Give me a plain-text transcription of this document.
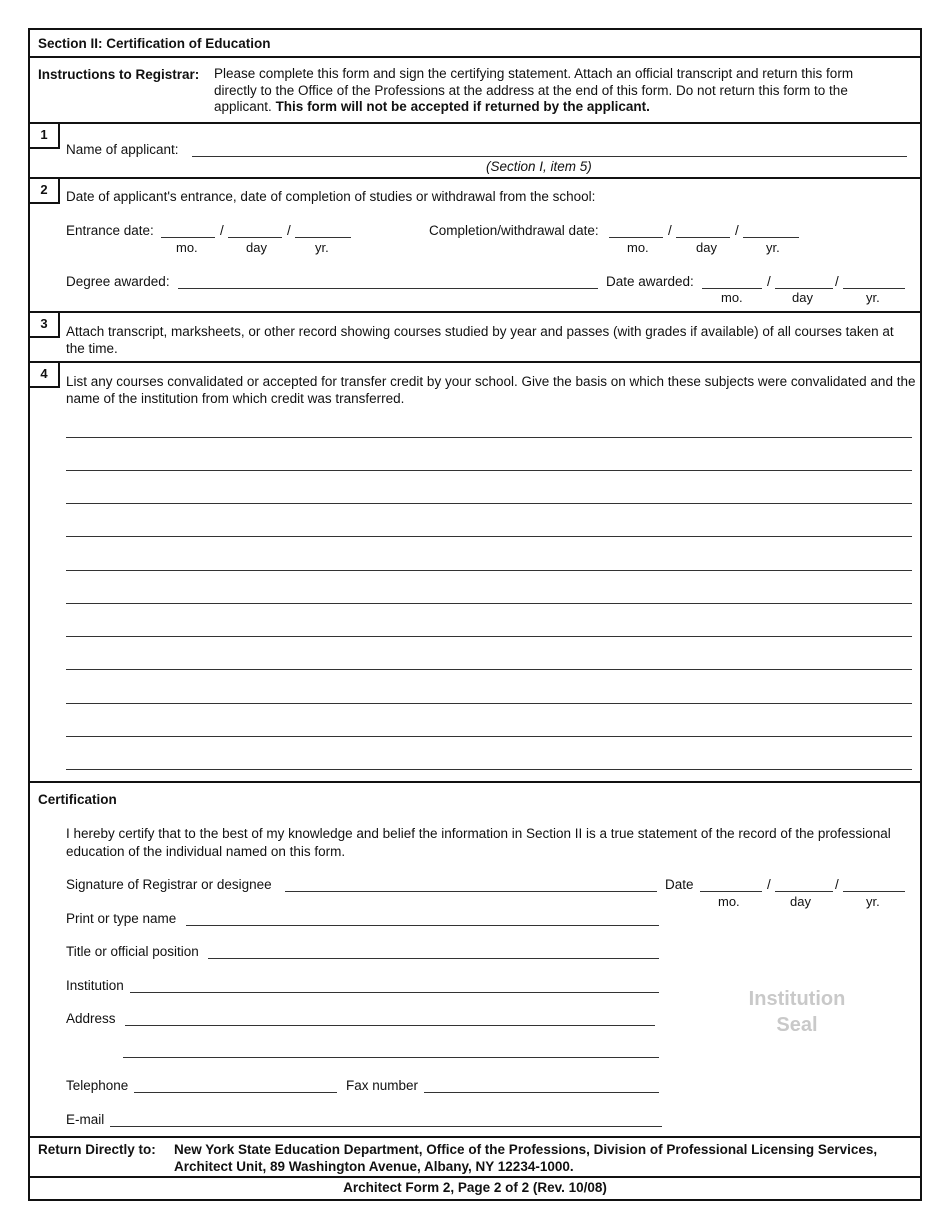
Section II: Certification of Education
Instructions to Registrar: Please complete this form and sign the certifying statement. Attach an official transcript and return this form directly to the Office of the Professions at the address at the end of this form. Do not return this form to the applicant. This form will not be accepted if returned by the applicant.
1
Name of applicant:
(Section I, item 5)
2	Date of applicant's entrance, date of completion of studies or withdrawal from the school:
Entrance date:	/	/
mo.	day	yr.
Completion/withdrawal date:	/	/
mo.	day	yr.
Degree awarded:	Date awarded:	/	/
mo.	day	yr.
3
Attach transcript, marksheets, or other record showing courses studied by year and passes (with grades if available) of all courses taken at the time.
4
List any courses convalidated or accepted for transfer credit by your school. Give the basis on which these subjects were convalidated and the name of the institution from which credit was transferred.
Certification
I hereby certify that to the best of my knowledge and belief the information in Section II is a true statement of the record of the professional education of the individual named on this form.
Signature of Registrar or designee	Date	/	/
mo.	day	yr.
Print or type name
Title or official position
Institution
Address
Telephone	Fax number
E-mail
Institution
Seal
Return Directly to: New York State Education Department, Office of the Professions, Division of Professional Licensing Services,
Architect Unit, 89 Washington Avenue, Albany, NY 12234-1000.
Architect Form 2, Page 2 of 2 (Rev. 10/08)
